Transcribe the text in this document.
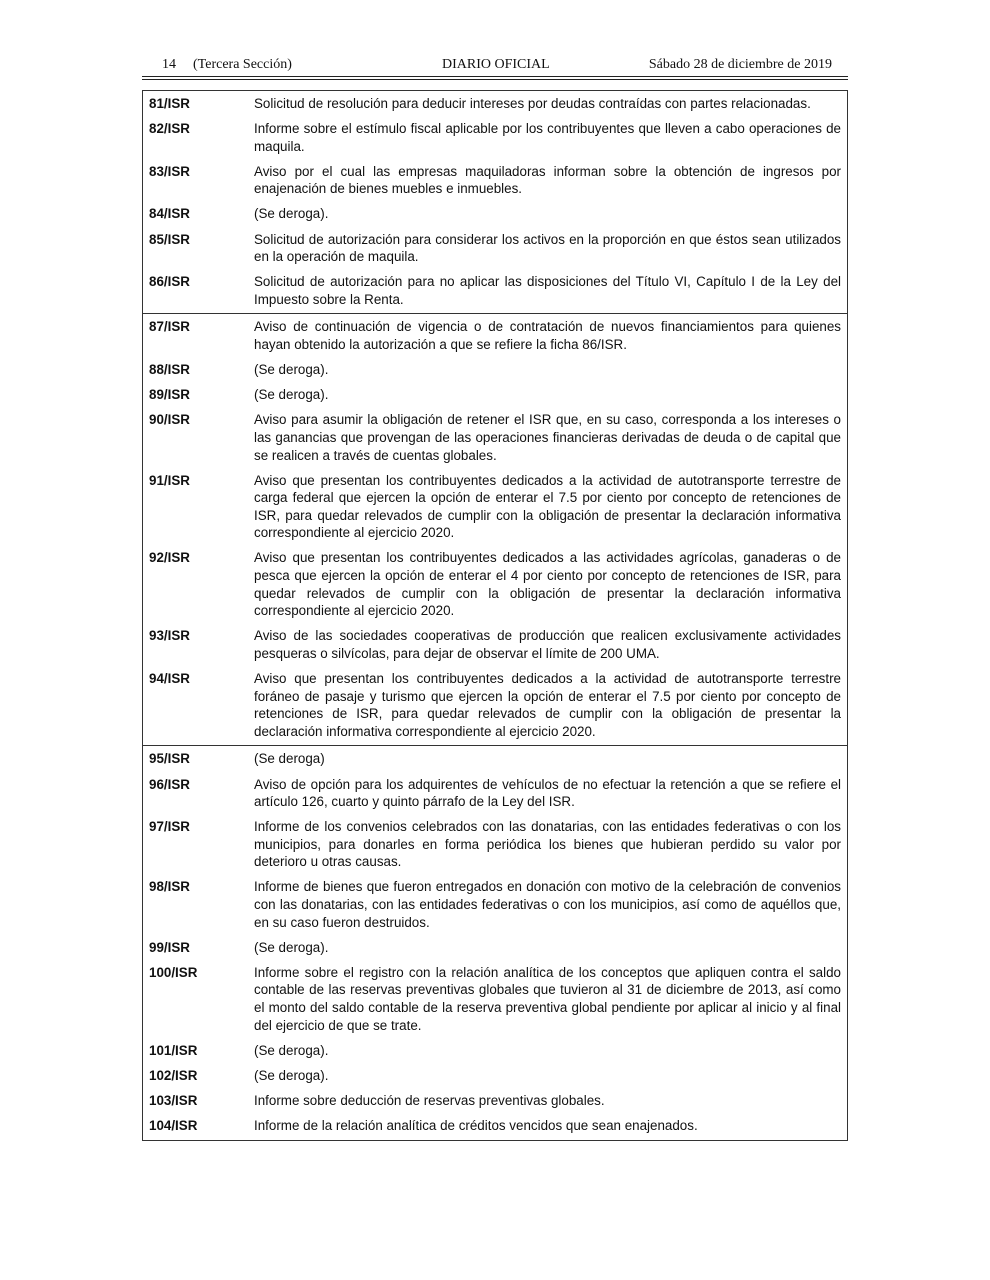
14 (Tercera Sección)	DIARIO OFICIAL	Sábado 28 de diciembre de 2019
81/ISR	Solicitud de resolución para deducir intereses por deudas contraídas con partes relacionadas.
82/ISR	Informe sobre el estímulo fiscal aplicable por los contribuyentes que lleven a cabo operaciones de maquila.
83/ISR	Aviso por el cual las empresas maquiladoras informan sobre la obtención de ingresos por enajenación de bienes muebles e inmuebles.
84/ISR	(Se deroga).
85/ISR	Solicitud de autorización para considerar los activos en la proporción en que éstos sean utilizados en la operación de maquila.
86/ISR	Solicitud de autorización para no aplicar las disposiciones del Título VI, Capítulo I de la Ley del Impuesto sobre la Renta.
87/ISR	Aviso de continuación de vigencia o de contratación de nuevos financiamientos para quienes hayan obtenido la autorización a que se refiere la ficha 86/ISR.
88/ISR	(Se deroga).
89/ISR	(Se deroga).
90/ISR	Aviso para asumir la obligación de retener el ISR que, en su caso, corresponda a los intereses o las ganancias que provengan de las operaciones financieras derivadas de deuda o de capital que se realicen a través de cuentas globales.
91/ISR	Aviso que presentan los contribuyentes dedicados a la actividad de autotransporte terrestre de carga federal que ejercen la opción de enterar el 7.5 por ciento por concepto de retenciones de ISR, para quedar relevados de cumplir con la obligación de presentar la declaración informativa correspondiente al ejercicio 2020.
92/ISR	Aviso que presentan los contribuyentes dedicados a las actividades agrícolas, ganaderas o de pesca que ejercen la opción de enterar el 4 por ciento por concepto de retenciones de ISR, para quedar relevados de cumplir con la obligación de presentar la declaración informativa correspondiente al ejercicio 2020.
93/ISR	Aviso de las sociedades cooperativas de producción que realicen exclusivamente actividades pesqueras o silvícolas, para dejar de observar el límite de 200 UMA.
94/ISR	Aviso que presentan los contribuyentes dedicados a la actividad de autotransporte terrestre foráneo de pasaje y turismo que ejercen la opción de enterar el 7.5 por ciento por concepto de retenciones de ISR, para quedar relevados de cumplir con la obligación de presentar la declaración informativa correspondiente al ejercicio 2020.
95/ISR	(Se deroga)
96/ISR	Aviso de opción para los adquirentes de vehículos de no efectuar la retención a que se refiere el artículo 126, cuarto y quinto párrafo de la Ley del ISR.
97/ISR	Informe de los convenios celebrados con las donatarias, con las entidades federativas o con los municipios, para donarles en forma periódica los bienes que hubieran perdido su valor por deterioro u otras causas.
98/ISR	Informe de bienes que fueron entregados en donación con motivo de la celebración de convenios con las donatarias, con las entidades federativas o con los municipios, así como de aquéllos que, en su caso fueron destruidos.
99/ISR	(Se deroga).
100/ISR	Informe sobre el registro con la relación analítica de los conceptos que apliquen contra el saldo contable de las reservas preventivas globales que tuvieron al 31 de diciembre de 2013, así como el monto del saldo contable de la reserva preventiva global pendiente por aplicar al inicio y al final del ejercicio de que se trate.
101/ISR	(Se deroga).
102/ISR	(Se deroga).
103/ISR	Informe sobre deducción de reservas preventivas globales.
104/ISR	Informe de la relación analítica de créditos vencidos que sean enajenados.
